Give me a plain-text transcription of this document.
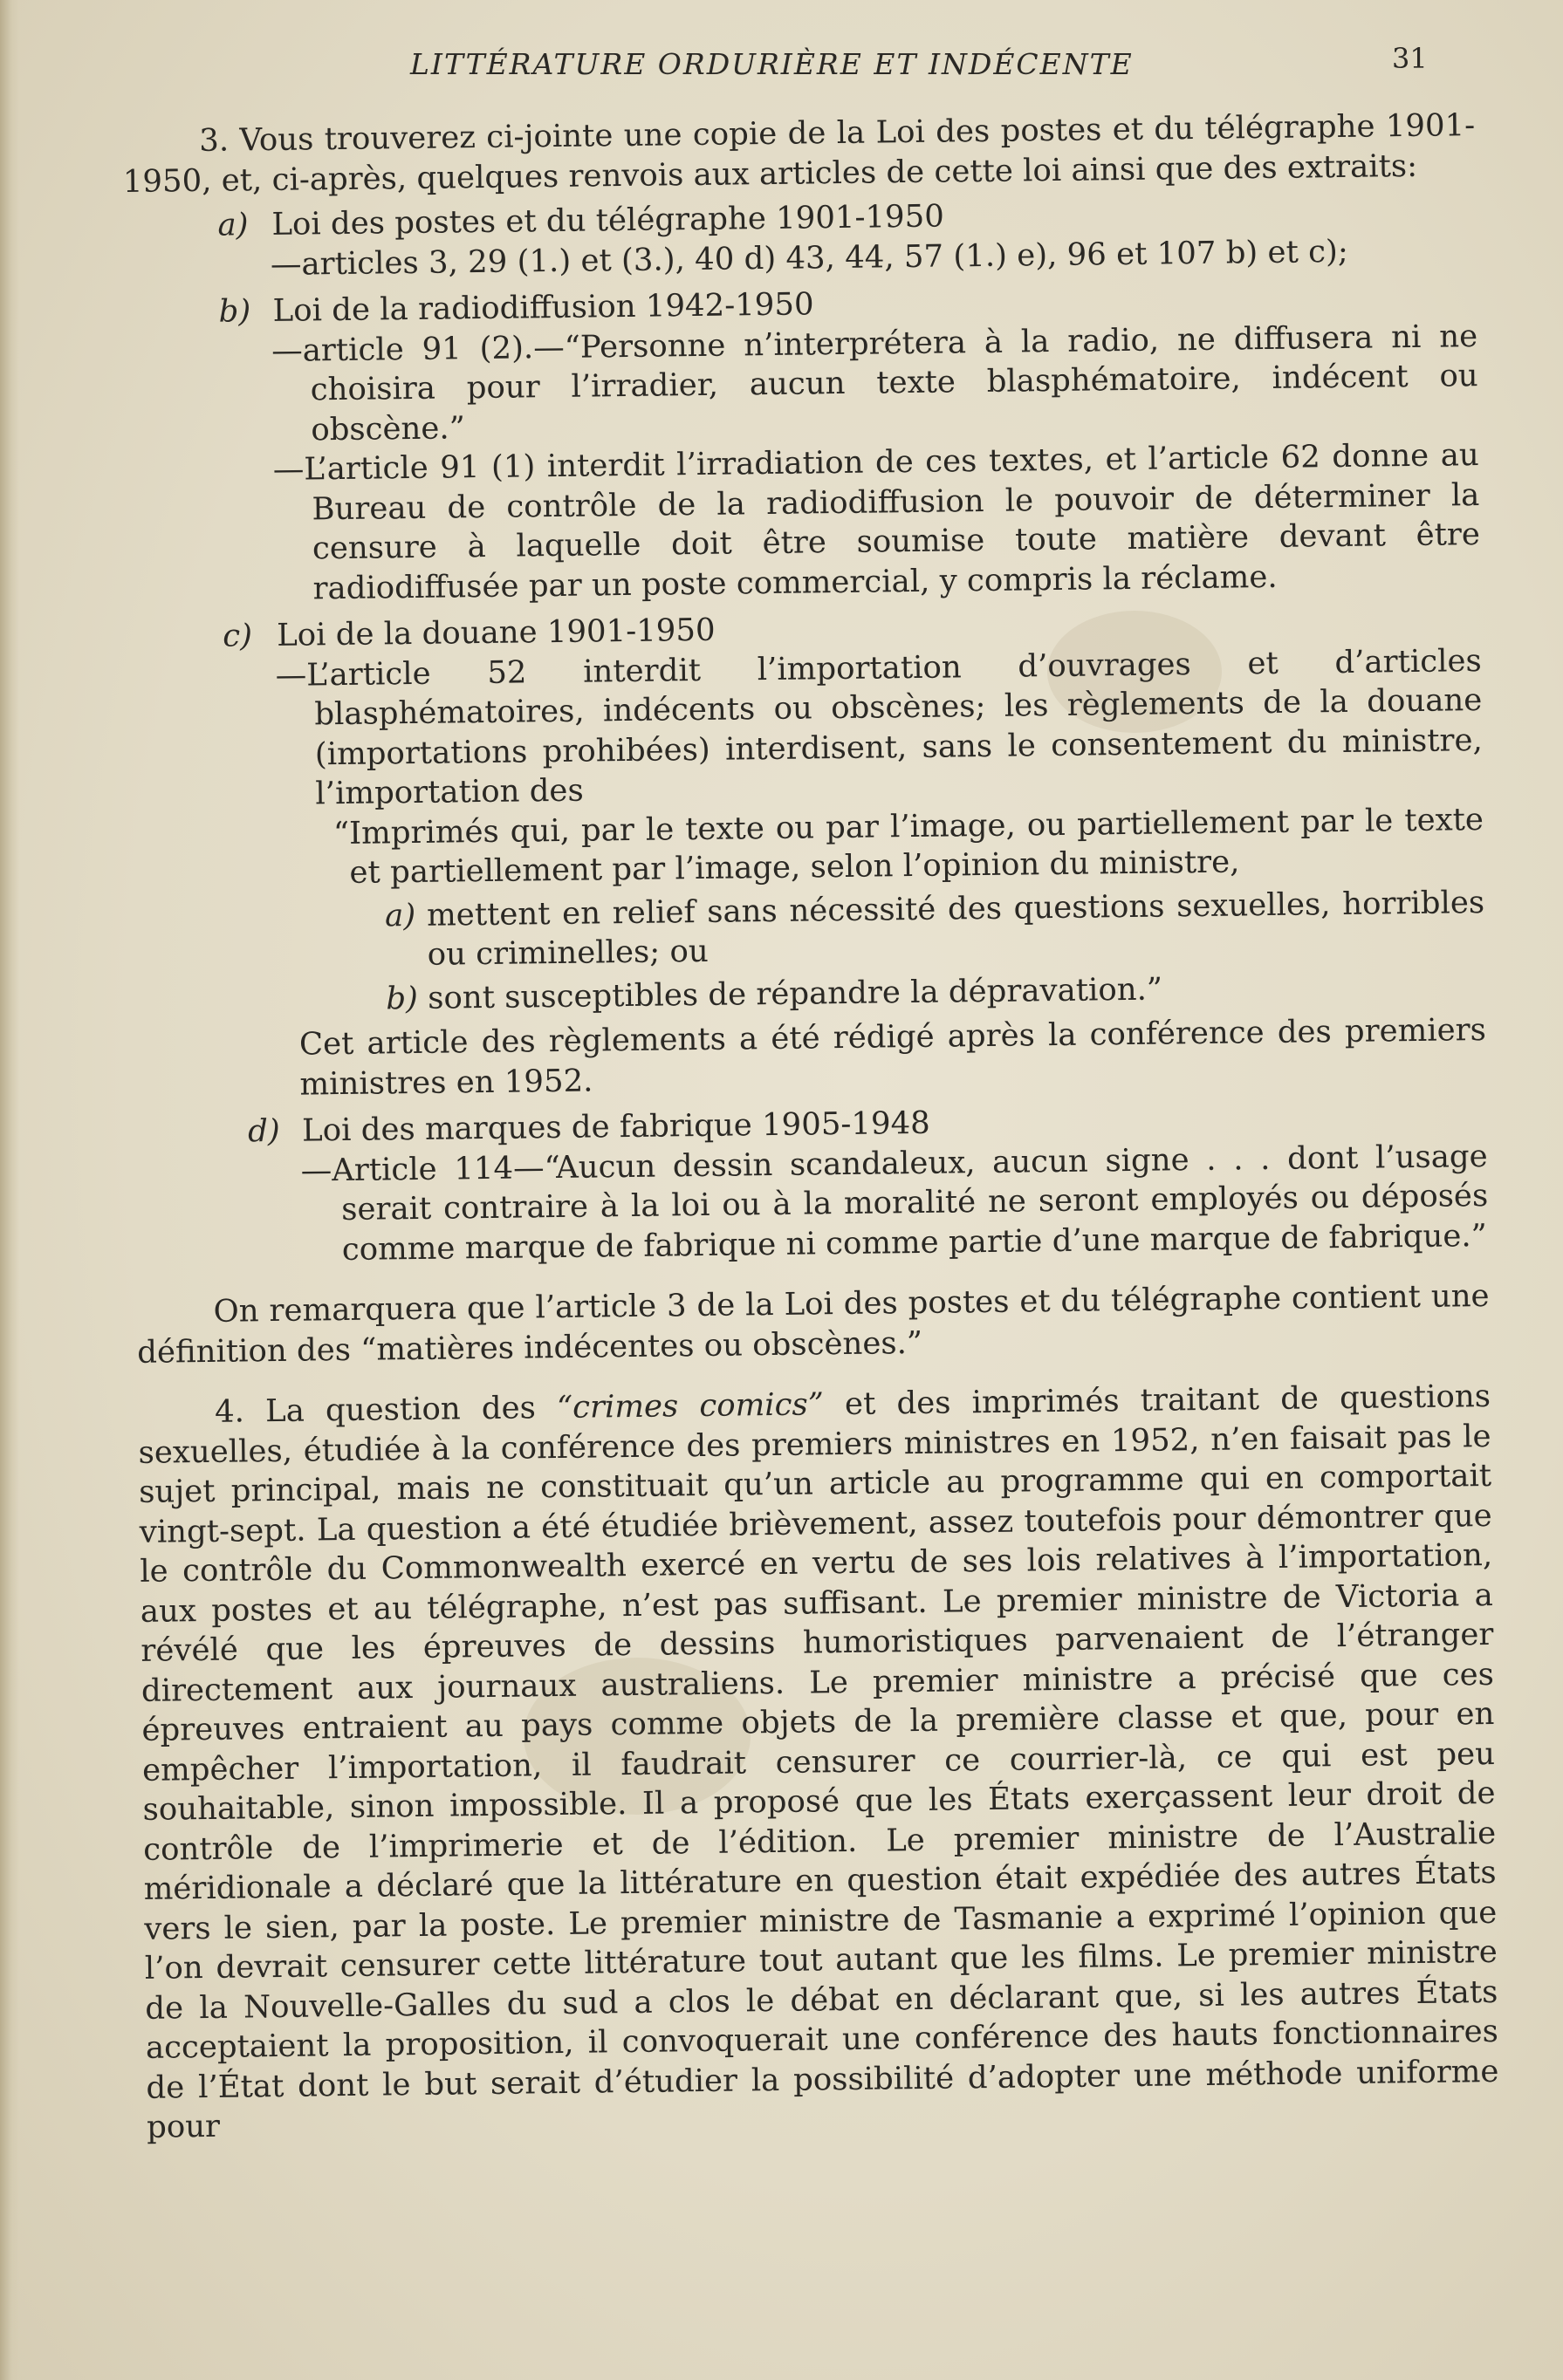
LITTÉRATURE ORDURIÈRE ET INDÉCENTE	31

3. Vous trouverez ci-jointe une copie de la Loi des postes et du télégraphe 1901-1950, et, ci-après, quelques renvois aux articles de cette loi ainsi que des extraits:

a) Loi des postes et du télégraphe 1901-1950

—articles 3, 29 (1.) et (3.), 40 d) 43, 44, 57 (1.) e), 96 et 107 b) et c);

b) Loi de la radiodiffusion 1942-1950

—article 91 (2).—“Personne n’interprétera à la radio, ne diffusera ni ne choisira pour l’irradier, aucun texte blasphématoire, indécent ou obscène.”

—L’article 91 (1) interdit l’irradiation de ces textes, et l’article 62 donne au Bureau de contrôle de la radiodiffusion le pouvoir de déterminer la censure à laquelle doit être soumise toute matière devant être radiodiffusée par un poste commercial, y compris la réclame.

c) Loi de la douane 1901-1950

—L’article 52 interdit l’importation d’ouvrages et d’articles blasphématoires, indécents ou obscènes; les règlements de la douane (importations prohibées) interdisent, sans le consentement du ministre, l’importation des

“Imprimés qui, par le texte ou par l’image, ou partiellement par le texte et partiellement par l’image, selon l’opinion du ministre,

a) mettent en relief sans nécessité des questions sexuelles, horribles ou criminelles; ou
b) sont susceptibles de répandre la dépravation.”

Cet article des règlements a été rédigé après la conférence des premiers ministres en 1952.

d) Loi des marques de fabrique 1905-1948

—Article 114—“Aucun dessin scandaleux, aucun signe . . . dont l’usage serait contraire à la loi ou à la moralité ne seront employés ou déposés comme marque de fabrique ni comme partie d’une marque de fabrique.”

On remarquera que l’article 3 de la Loi des postes et du télégraphe contient une définition des “matières indécentes ou obscènes.”

4. La question des “crimes comics” et des imprimés traitant de questions sexuelles, étudiée à la conférence des premiers ministres en 1952, n’en faisait pas le sujet principal, mais ne constituait qu’un article au programme qui en comportait vingt-sept. La question a été étudiée brièvement, assez toutefois pour démontrer que le contrôle du Commonwealth exercé en vertu de ses lois relatives à l’importation, aux postes et au télégraphe, n’est pas suffisant. Le premier ministre de Victoria a révélé que les épreuves de dessins humoristiques parvenaient de l’étranger directement aux journaux australiens. Le premier ministre a précisé que ces épreuves entraient au pays comme objets de la première classe et que, pour en empêcher l’importation, il faudrait censurer ce courrier-là, ce qui est peu souhaitable, sinon impossible. Il a proposé que les États exerçassent leur droit de contrôle de l’imprimerie et de l’édition. Le premier ministre de l’Australie méridionale a déclaré que la littérature en question était expédiée des autres États vers le sien, par la poste. Le premier ministre de Tasmanie a exprimé l’opinion que l’on devrait censurer cette littérature tout autant que les films. Le premier ministre de la Nouvelle-Galles du sud a clos le débat en déclarant que, si les autres États acceptaient la proposition, il convoquerait une conférence des hauts fonctionnaires de l’État dont le but serait d’étudier la possibilité d’adopter une méthode uniforme pour
